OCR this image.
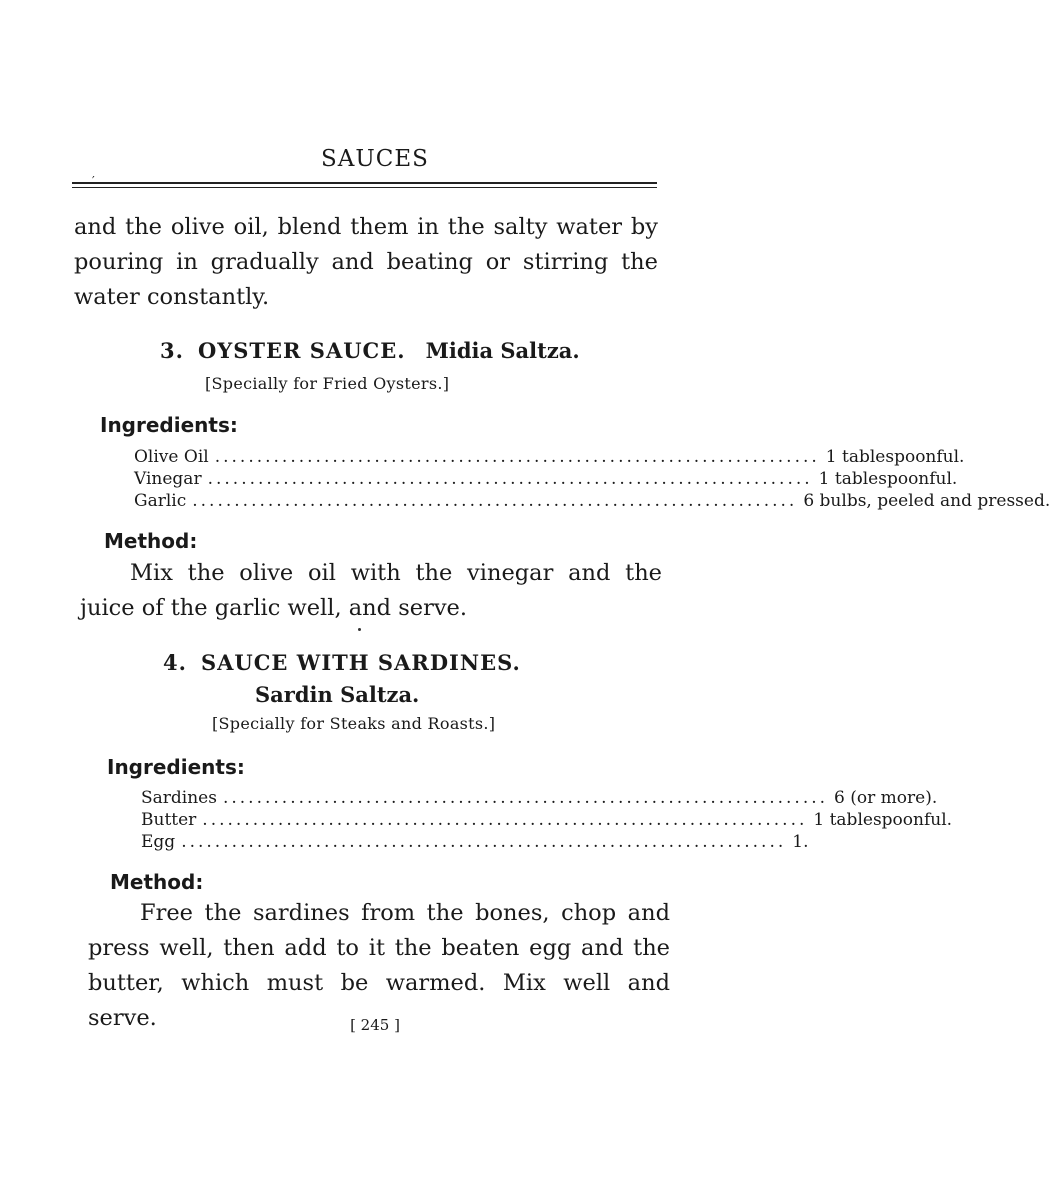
SAUCES
′
and the olive oil, blend them in the salty water by pouring in gradually and beating or stirring the water constantly.
3. OYSTER SAUCE. Midia Saltza.
[Specially for Fried Oysters.]
Ingredients:
Olive Oil ........................................................................ 1 tablespoonful.
Vinegar ........................................................................ 1 tablespoonful.
Garlic ........................................................................ 6 bulbs, peeled and pressed.
Method:
Mix the olive oil with the vinegar and the juice of the garlic well, and serve.
4. SAUCE WITH SARDINES.
Sardin Saltza.
[Specially for Steaks and Roasts.]
Ingredients:
Sardines ........................................................................ 6 (or more).
Butter ........................................................................ 1 tablespoonful.
Egg ........................................................................ 1.
Method:
Free the sardines from the bones, chop and press well, then add to it the beaten egg and the butter, which must be warmed. Mix well and serve.	[ 245 ]
